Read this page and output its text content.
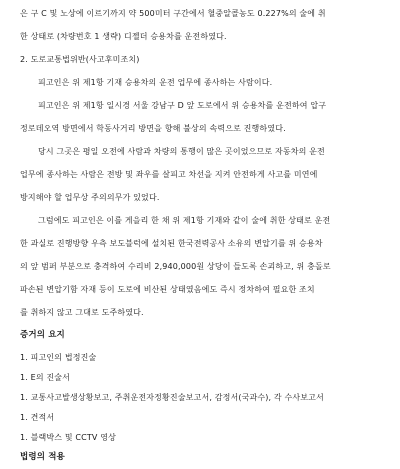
은 구 C 및 노상에 이르기까지 약 500미터 구간에서 혈중알콜농도 0.227%의 술에 취
한 상태로 (차량번호 1 생략) 디젤더 승용차를 운전하였다.
2. 도로교통법위반(사고후미조치)
피고인은 위 제1항 기재 승용차의 운전 업무에 종사하는 사람이다.
피고인은 위 제1항 일시경 서울 강남구 D 앞 도로에서 위 승용차를 운전하여 압구
정로데오역 방면에서 학동사거리 방면을 향해 불상의 속력으로 진행하였다.
당시 그곳은 평일 오전에 사람과 차량의 통행이 많은 곳이었으므로 자동차의 운전
업무에 종사하는 사람은 전방 및 좌우를 살피고 차선을 지켜 안전하게 사고를 미연에
방지해야 할 업무상 주의의무가 있었다.
그럼에도 피고인은 이를 게을리 한 채 위 제1항 기재와 같이 술에 취한 상태로 운전
한 과실로 진행방향 우측 보도블럭에 설치된 한국전력공사 소유의 변압기를 위 승용차
의 앞 범퍼 부분으로 충격하여 수리비 2,940,000원 상당이 들도록 손괴하고, 위 충돌로
파손된 변압기함 자재 등이 도로에 비산된 상태였음에도 즉시 정차하여 필요한 조치
를 취하지 않고 그대로 도주하였다.
증거의 요지
1. 피고인의 법정진술
1. E의 진술서
1. 교통사고발생상황보고, 주취운전자정황진술보고서, 감정서(국과수), 각 수사보고서
1. 견적서
1. 블랙박스 및 CCTV 영상
법령의 적용
